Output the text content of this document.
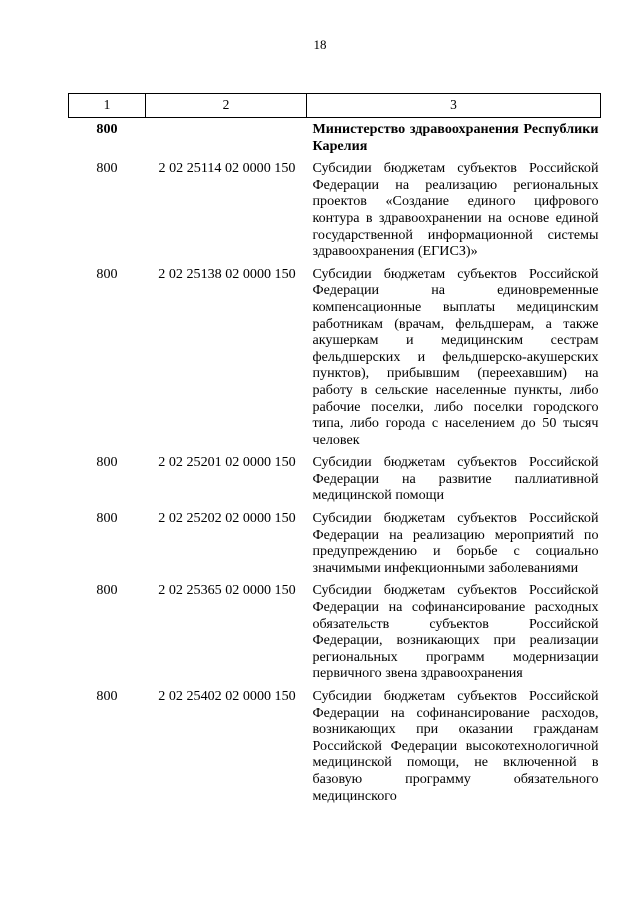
18
1	2	3
800		Министерство здравоохранения Республики Карелия
800	2 02 25114 02 0000 150	Субсидии бюджетам субъектов Российской Федерации на реализацию региональных проектов «Создание единого цифрового контура в здравоохранении на основе единой государственной информационной системы здравоохранения (ЕГИСЗ)»
800	2 02 25138 02 0000 150	Субсидии бюджетам субъектов Российской Федерации на единовременные компенсационные выплаты медицинским работникам (врачам, фельдшерам, а также акушеркам и медицинским сестрам фельдшерских и фельдшерско-акушерских пунктов), прибывшим (переехавшим) на работу в сельские населенные пункты, либо рабочие поселки, либо поселки городского типа, либо города с населением до 50 тысяч человек
800	2 02 25201 02 0000 150	Субсидии бюджетам субъектов Российской Федерации на развитие паллиативной медицинской помощи
800	2 02 25202 02 0000 150	Субсидии бюджетам субъектов Российской Федерации на реализацию мероприятий по предупреждению и борьбе с социально значимыми инфекционными заболеваниями
800	2 02 25365 02 0000 150	Субсидии бюджетам субъектов Российской Федерации на софинансирование расходных обязательств субъектов Российской Федерации, возникающих при реализации региональных программ модернизации первичного звена здравоохранения
800	2 02 25402 02 0000 150	Субсидии бюджетам субъектов Российской Федерации на софинансирование расходов, возникающих при оказании гражданам Российской Федерации высокотехнологичной медицинской помощи, не включенной в базовую программу обязательного медицинского
